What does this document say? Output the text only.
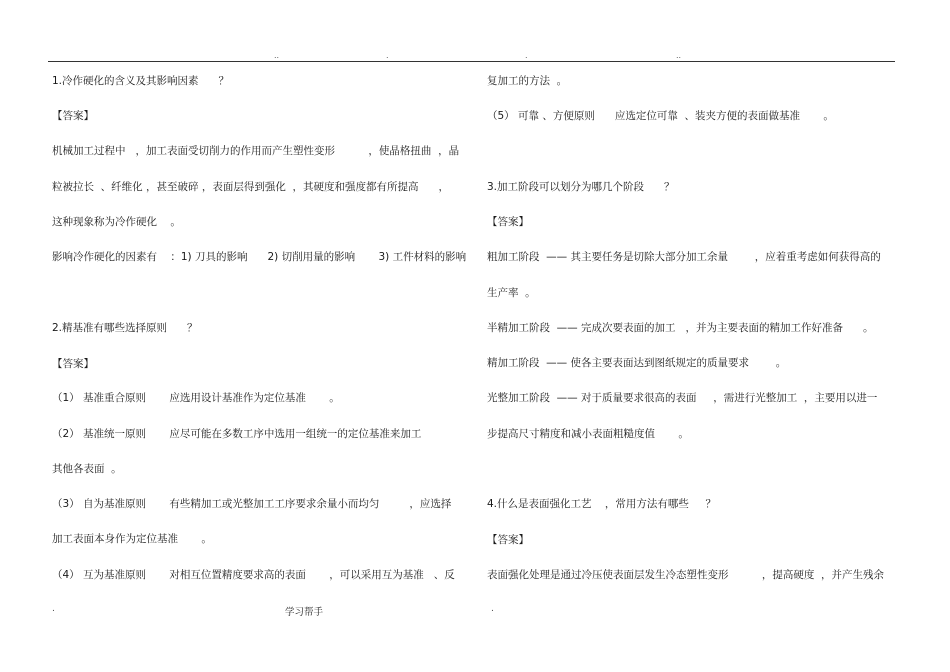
..	.	.	..
1.冷作硬化的含义及其影响因素      ？
【答案】
机械加工过程中   ，加工表面受切削力的作用而产生塑性变形          ，使晶格扭曲  ，晶
粒被拉长  、纤维化 ，甚至破碎 ，表面层得到强化  ，其硬度和强度都有所提高      ，
这种现象称为冷作硬化    。
影响冷作硬化的因素有    ：1) 刀具的影响      2) 切削用量的影响       3) 工件材料的影响
2.精基准有哪些选择原则      ？
【答案】
（1） 基准重合原则       应选用设计基准作为定位基准       。
（2） 基准统一原则       应尽可能在多数工序中选用一组统一的定位基准来加工
其他各表面  。
（3） 自为基准原则       有些精加工或光整加工工序要求余量小而均匀         ，应选择
加工表面本身作为定位基准       。
（4） 互为基准原则       对相互位置精度要求高的表面       ，可以采用互为基准   、反
复加工的方法  。
（5） 可靠 、方便原则      应选定位可靠  、装夹方便的表面做基准       。
3.加工阶段可以划分为哪几个阶段      ？
【答案】
粗加工阶段  —— 其主要任务是切除大部分加工余量        ，应着重考虑如何获得高的
生产率  。
半精加工阶段  —— 完成次要表面的加工   ，并为主要表面的精加工作好准备      。
精加工阶段  —— 使各主要表面达到图纸规定的质量要求        。
光整加工阶段  —— 对于质量要求很高的表面     ，需进行光整加工  ，主要用以进一
步提高尺寸精度和减小表面粗糙度值       。
4.什么是表面强化工艺    ，常用方法有哪些     ？
【答案】
表面强化处理是通过冷压使表面层发生冷态塑性变形          ，提高硬度  ，并产生残余
.	学习帮手	.
